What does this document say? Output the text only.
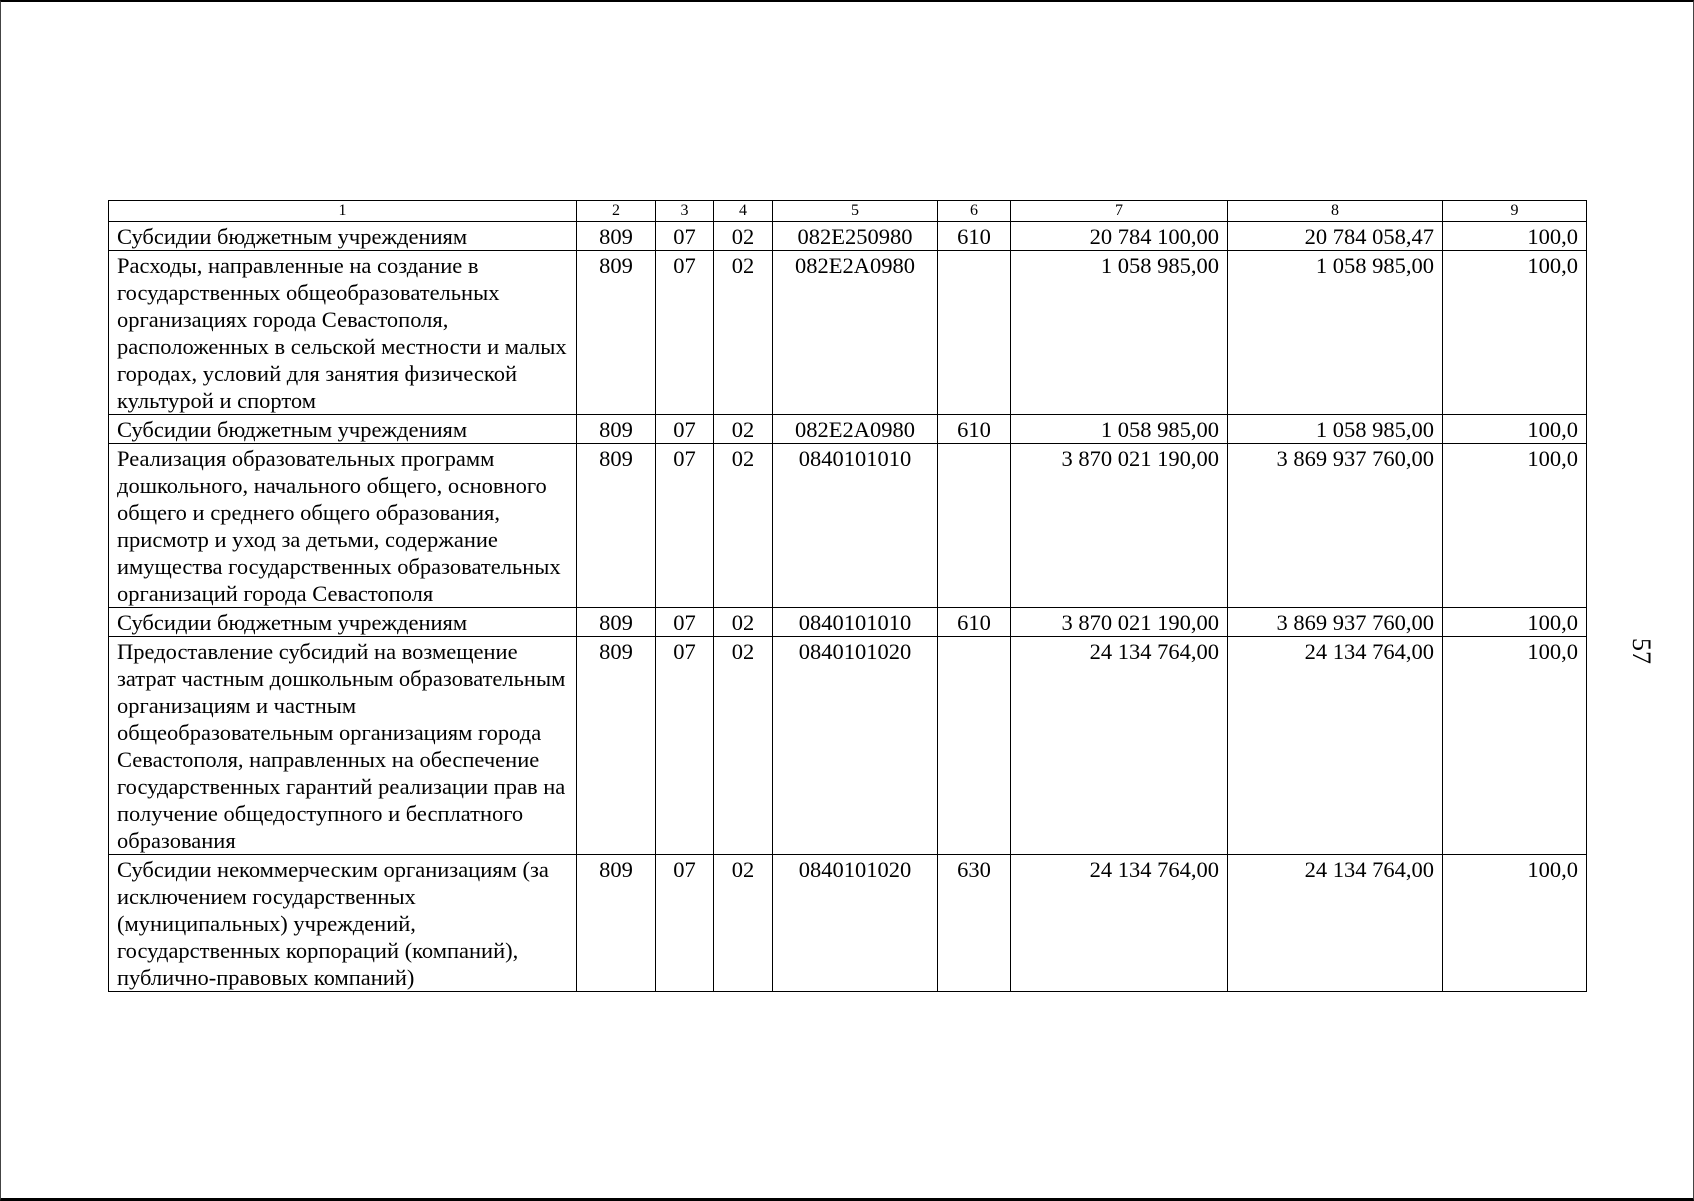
1	2	3	4	5	6	7	8	9
Субсидии бюджетным учреждениям	809	07	02	082E250980	610	20 784 100,00	20 784 058,47	100,0
Расходы, направленные на создание в государственных общеобразовательных организациях города Севастополя, расположенных в сельской местности и малых городах, условий для занятия физической культурой и спортом	809	07	02	082E2A0980		1 058 985,00	1 058 985,00	100,0
Субсидии бюджетным учреждениям	809	07	02	082E2A0980	610	1 058 985,00	1 058 985,00	100,0
Реализация образовательных программ дошкольного, начального общего, основного общего и среднего общего образования, присмотр и уход за детьми, содержание имущества государственных образовательных организаций города Севастополя	809	07	02	0840101010		3 870 021 190,00	3 869 937 760,00	100,0
Субсидии бюджетным учреждениям	809	07	02	0840101010	610	3 870 021 190,00	3 869 937 760,00	100,0
Предоставление субсидий на возмещение затрат частным дошкольным образовательным организациям и частным общеобразовательным организациям города Севастополя, направленных на обеспечение государственных гарантий реализации прав на получение общедоступного и бесплатного образования	809	07	02	0840101020		24 134 764,00	24 134 764,00	100,0
Субсидии некоммерческим организациям (за исключением государственных (муниципальных) учреждений, государственных корпораций (компаний), публично-правовых компаний)	809	07	02	0840101020	630	24 134 764,00	24 134 764,00	100,0
57
